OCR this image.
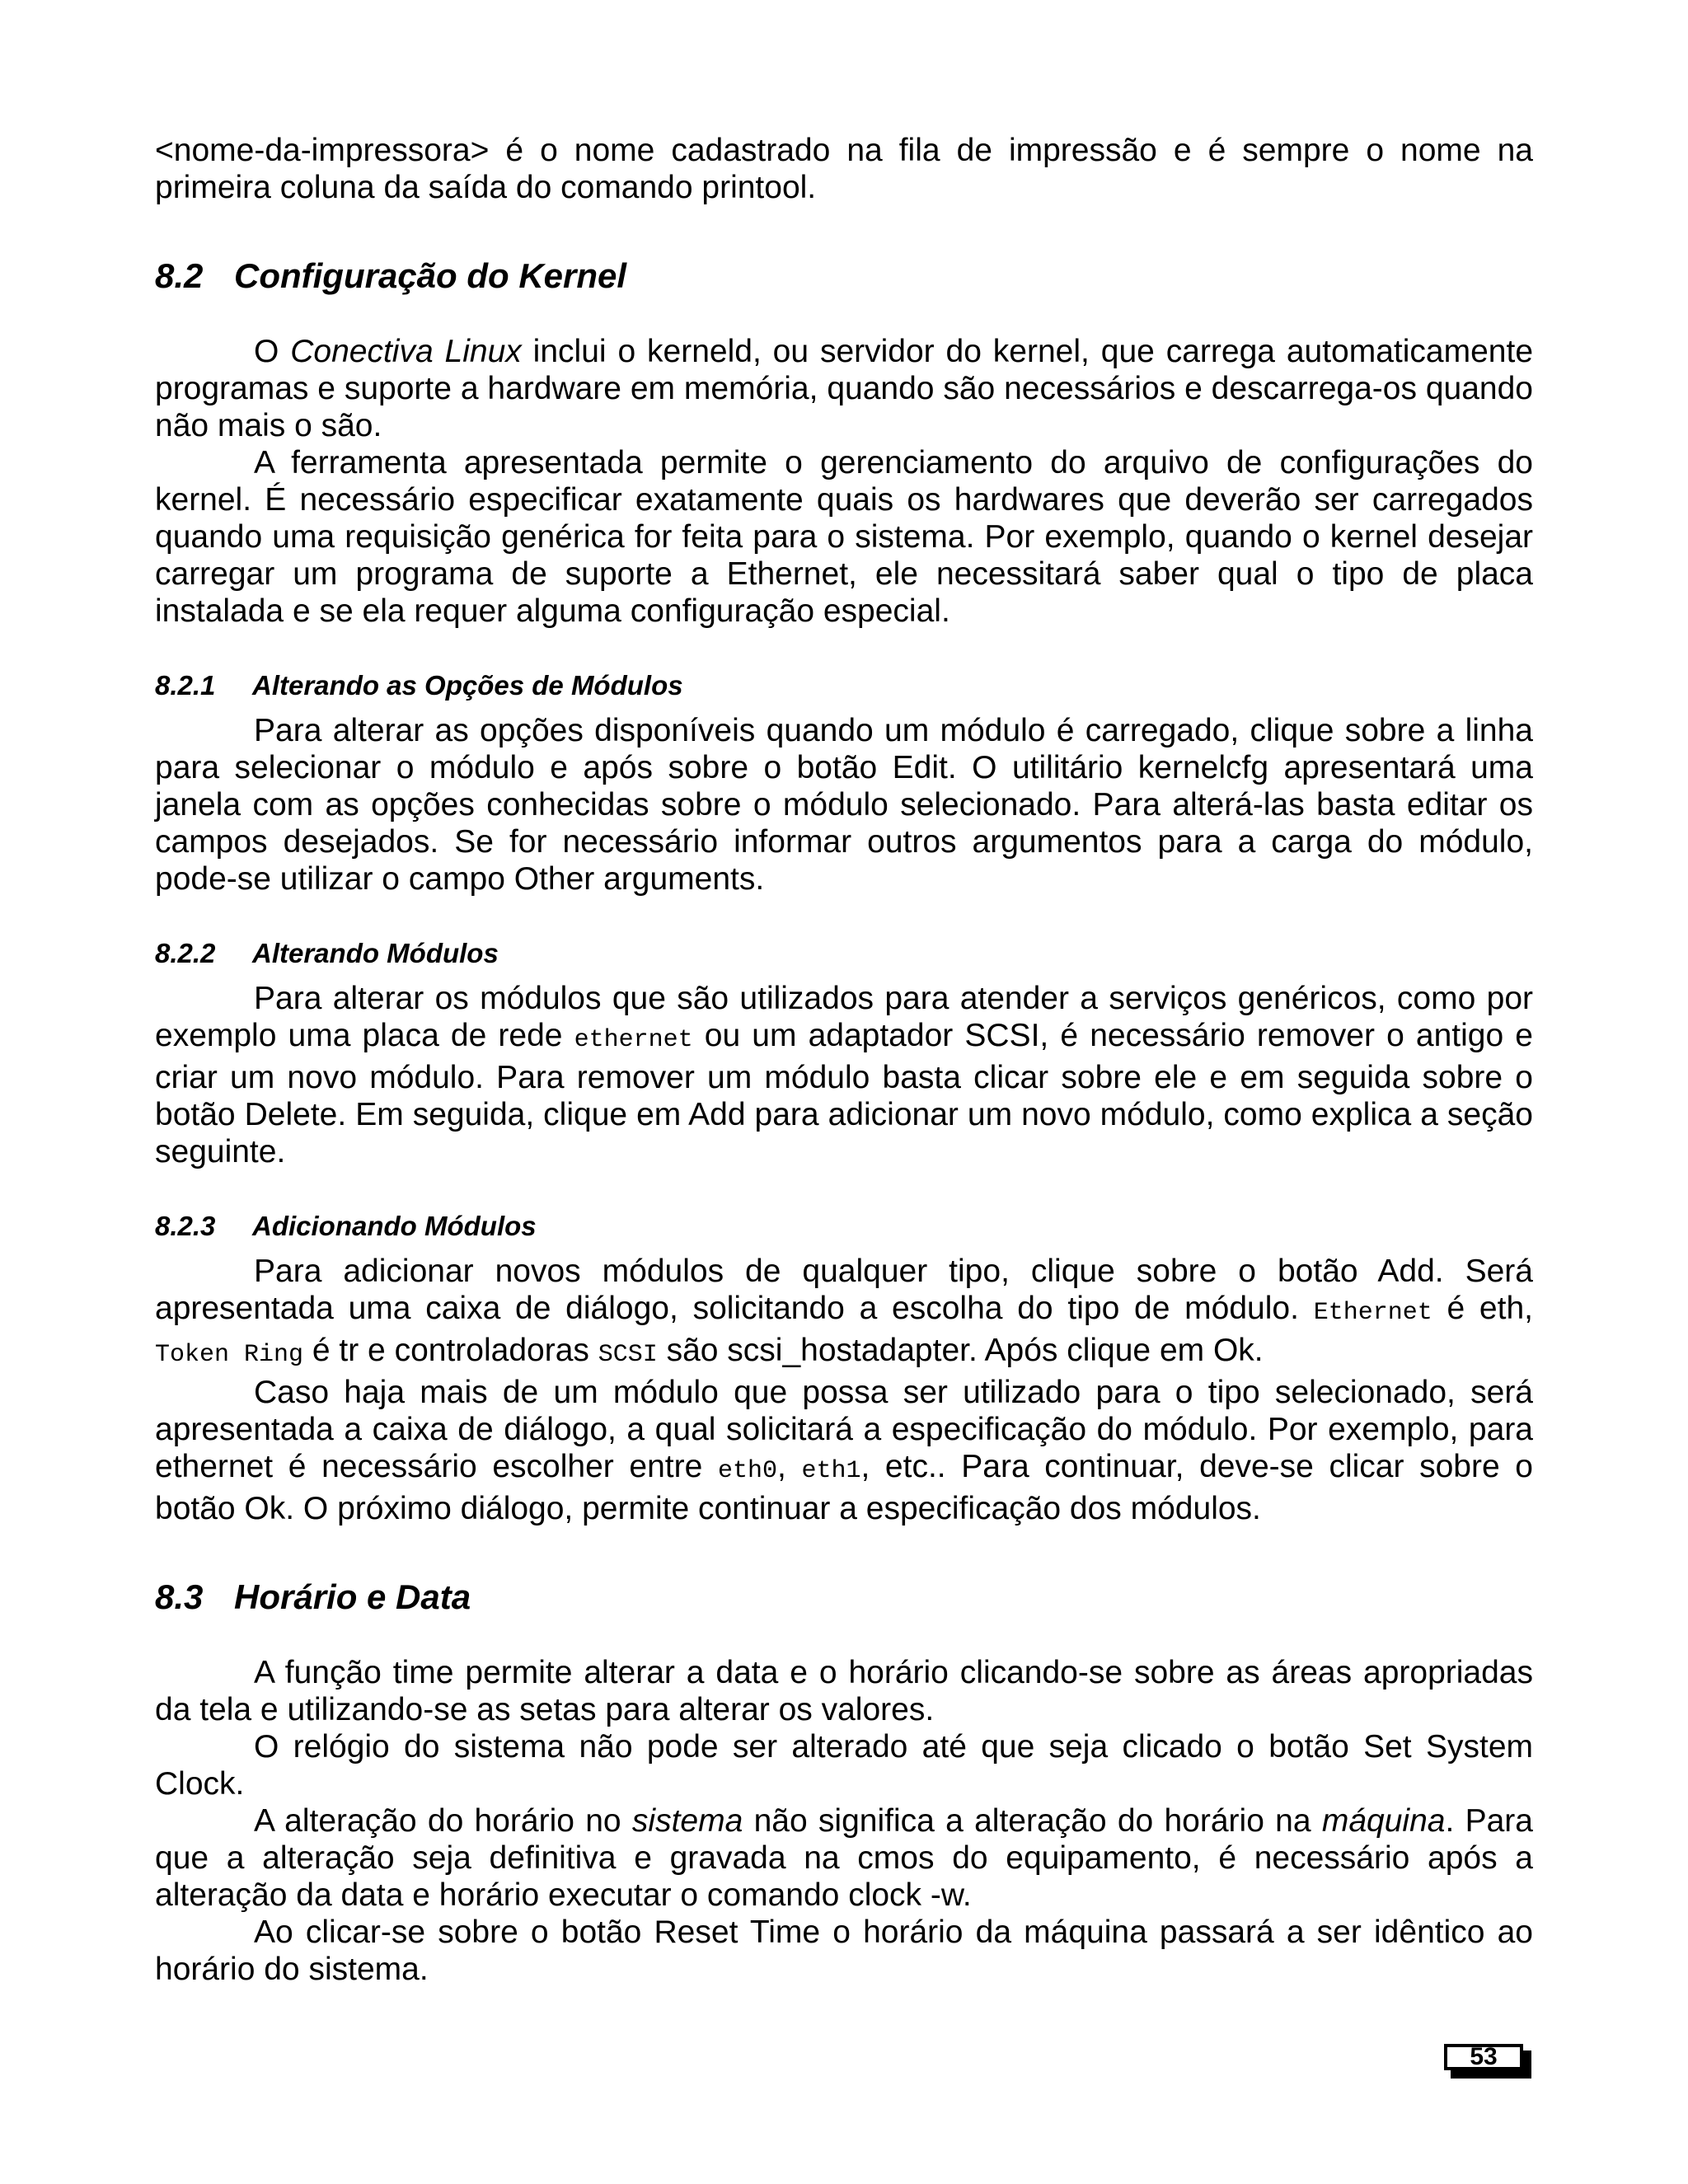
<nome-da-impressora> é o nome cadastrado na fila de impressão e é sempre o nome na primeira coluna da saída do comando printool.

8.2 Configuração do Kernel

O Conectiva Linux inclui o kerneld, ou servidor do kernel, que carrega automaticamente programas e suporte a hardware em memória, quando são necessários e descarrega-os quando não mais o são.

A ferramenta apresentada permite o gerenciamento do arquivo de configurações do kernel. É necessário especificar exatamente quais os hardwares que deverão ser carregados quando uma requisição genérica for feita para o sistema. Por exemplo, quando o kernel desejar carregar um programa de suporte a Ethernet, ele necessitará saber qual o tipo de placa instalada e se ela requer alguma configuração especial.

8.2.1	Alterando as Opções de Módulos

Para alterar as opções disponíveis quando um módulo é carregado, clique sobre a linha para selecionar o módulo e após sobre o botão Edit. O utilitário kernelcfg apresentará uma janela com as opções conhecidas sobre o módulo selecionado. Para alterá-las basta editar os campos desejados. Se for necessário informar outros argumentos para a carga do módulo, pode-se utilizar o campo Other arguments.

8.2.2	Alterando Módulos

Para alterar os módulos que são utilizados para atender a serviços genéricos, como por exemplo uma placa de rede ethernet ou um adaptador SCSI, é necessário remover o antigo e criar um novo módulo. Para remover um módulo basta clicar sobre ele e em seguida sobre o botão Delete. Em seguida, clique em Add para adicionar um novo módulo, como explica a seção seguinte.

8.2.3	Adicionando Módulos

Para adicionar novos módulos de qualquer tipo, clique sobre o botão Add. Será apresentada uma caixa de diálogo, solicitando a escolha do tipo de módulo. Ethernet é eth, Token Ring é tr e controladoras SCSI são scsi_hostadapter. Após clique em Ok.

Caso haja mais de um módulo que possa ser utilizado para o tipo selecionado, será apresentada a caixa de diálogo, a qual solicitará a especificação do módulo. Por exemplo, para ethernet é necessário escolher entre eth0, eth1, etc.. Para continuar, deve-se clicar sobre o botão Ok. O próximo diálogo, permite continuar a especificação dos módulos.

8.3 Horário e Data

A função time permite alterar a data e o horário clicando-se sobre as áreas apropriadas da tela e utilizando-se as setas para alterar os valores.

O relógio do sistema não pode ser alterado até que seja clicado o botão Set System Clock.

A alteração do horário no sistema não significa a alteração do horário na máquina. Para que a alteração seja definitiva e gravada na cmos do equipamento, é necessário após a alteração da data e horário executar o comando clock -w.

Ao clicar-se sobre o botão Reset Time o horário da máquina passará a ser idêntico ao horário do sistema.

53
